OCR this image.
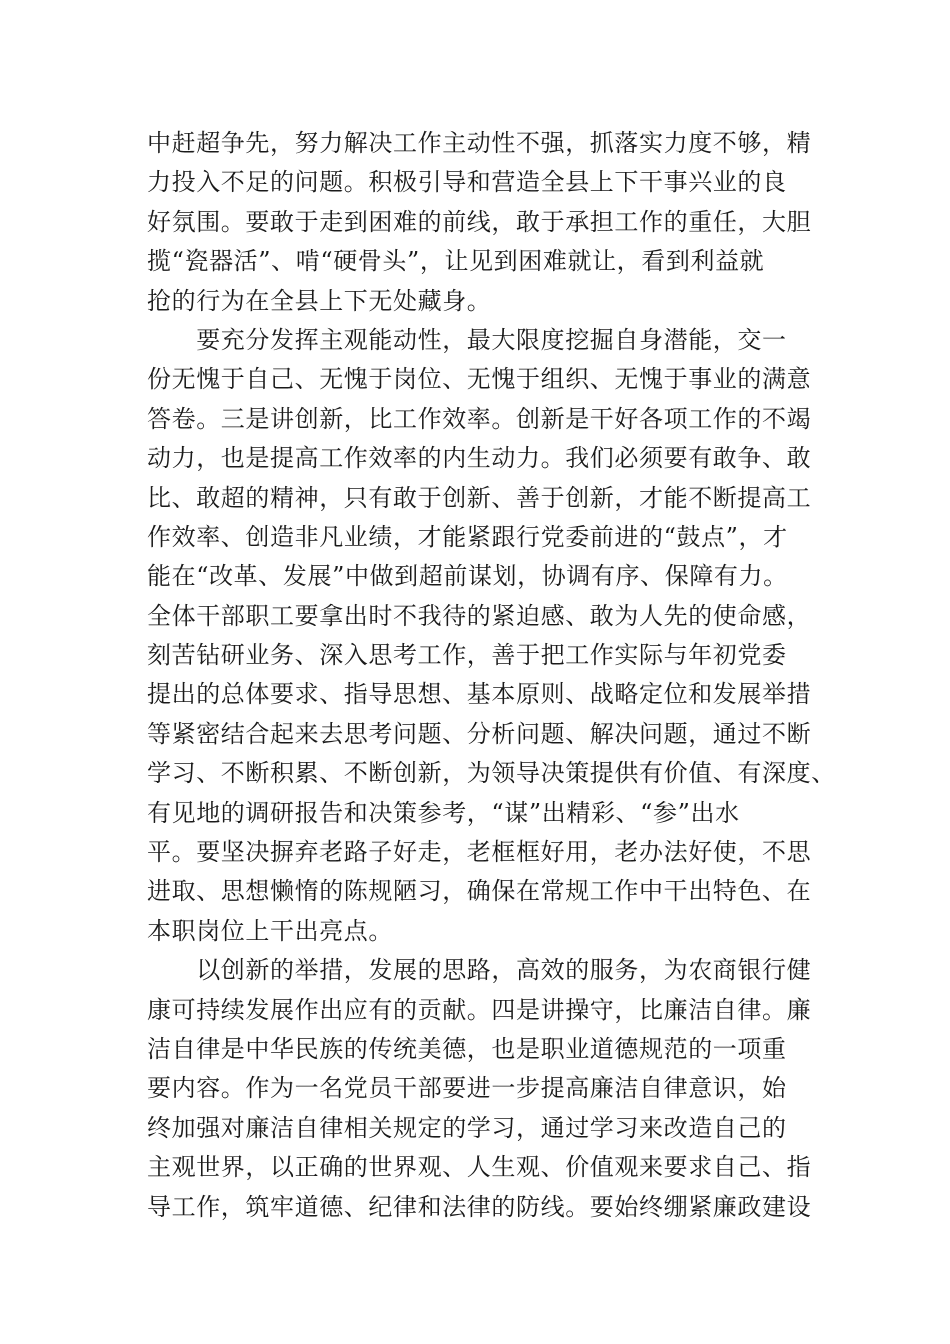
中赶超争先，努力解决工作主动性不强，抓落实力度不够，精
力投入不足的问题。积极引导和营造全县上下干事兴业的良
好氛围。要敢于走到困难的前线，敢于承担工作的重任，大胆
揽“瓷器活”、啃“硬骨头”，让见到困难就让，看到利益就
抢的行为在全县上下无处藏身。
　　要充分发挥主观能动性，最大限度挖掘自身潜能，交一
份无愧于自己、无愧于岗位、无愧于组织、无愧于事业的满意
答卷。三是讲创新，比工作效率。创新是干好各项工作的不竭
动力，也是提高工作效率的内生动力。我们必须要有敢争、敢
比、敢超的精神，只有敢于创新、善于创新，才能不断提高工
作效率、创造非凡业绩，才能紧跟行党委前进的“鼓点”，才
能在“改革、发展”中做到超前谋划，协调有序、保障有力。
全体干部职工要拿出时不我待的紧迫感、敢为人先的使命感，
刻苦钻研业务、深入思考工作，善于把工作实际与年初党委
提出的总体要求、指导思想、基本原则、战略定位和发展举措
等紧密结合起来去思考问题、分析问题、解决问题，通过不断
学习、不断积累、不断创新，为领导决策提供有价值、有深度、
有见地的调研报告和决策参考，“谋”出精彩、“参”出水
平。要坚决摒弃老路子好走，老框框好用，老办法好使，不思
进取、思想懒惰的陈规陋习，确保在常规工作中干出特色、在
本职岗位上干出亮点。
　　以创新的举措，发展的思路，高效的服务，为农商银行健
康可持续发展作出应有的贡献。四是讲操守，比廉洁自律。廉
洁自律是中华民族的传统美德，也是职业道德规范的一项重
要内容。作为一名党员干部要进一步提高廉洁自律意识，始
终加强对廉洁自律相关规定的学习，通过学习来改造自己的
主观世界，以正确的世界观、人生观、价值观来要求自己、指
导工作，筑牢道德、纪律和法律的防线。要始终绷紧廉政建设
